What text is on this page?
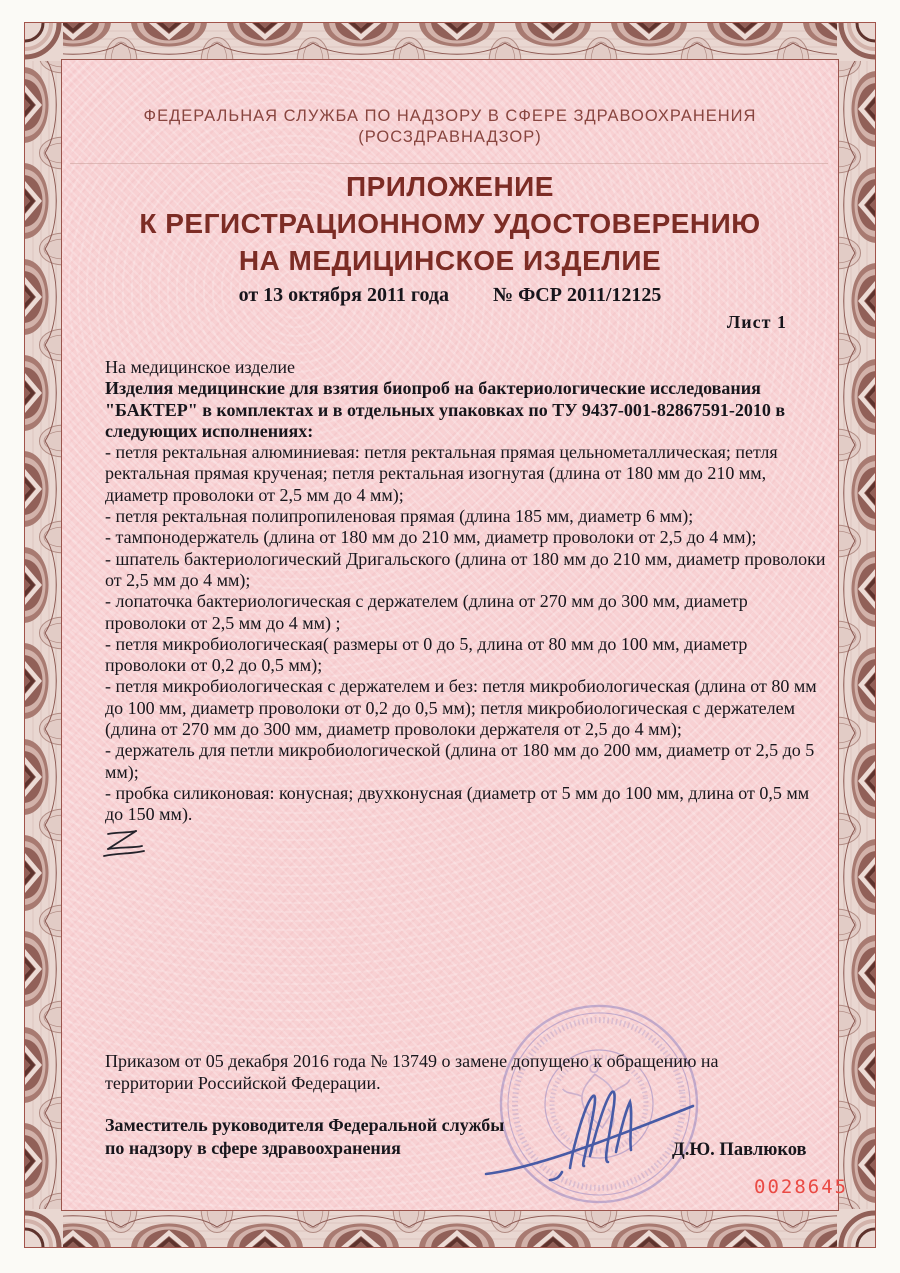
ФЕДЕРАЛЬНАЯ СЛУЖБА ПО НАДЗОРУ В СФЕРЕ ЗДРАВООХРАНЕНИЯ
(РОСЗДРАВНАДЗОР)
ПРИЛОЖЕНИЕ
К РЕГИСТРАЦИОННОМУ УДОСТОВЕРЕНИЮ
НА МЕДИЦИНСКОЕ ИЗДЕЛИЕ
от 13 октября 2011 года № ФСР 2011/12125
Лист 1

На медицинское изделие

Изделия медицинские для взятия биопроб на бактериологические исследования "БАКТЕР" в комплектах и в отдельных упаковках по ТУ 9437-001-82867591-2010 в следующих исполнениях:

- петля ректальная алюминиевая: петля ректальная прямая цельнометаллическая; петля ректальная прямая крученая; петля ректальная изогнутая (длина от 180 мм до 210 мм, диаметр проволоки от 2,5 мм до 4 мм);

- петля ректальная полипропиленовая прямая (длина 185 мм, диаметр 6 мм);

- тампонодержатель (длина от 180 мм до 210 мм, диаметр проволоки от 2,5 до 4 мм);

- шпатель бактериологический Дригальского (длина от 180 мм до 210 мм, диаметр проволоки от 2,5 мм до 4 мм);

- лопаточка бактериологическая с держателем (длина от 270 мм до 300 мм, диаметр проволоки от 2,5 мм до 4 мм) ;

- петля микробиологическая( размеры от 0 до 5, длина от 80 мм до 100 мм, диаметр проволоки от 0,2 до 0,5 мм);

- петля микробиологическая с держателем и без: петля микробиологическая (длина от 80 мм до 100 мм, диаметр проволоки от 0,2 до 0,5 мм); петля микробиологическая с держателем (длина от 270 мм до 300 мм, диаметр проволоки держателя от 2,5 до 4 мм);

- держатель для петли микробиологической (длина от 180 мм до 200 мм, диаметр от 2,5 до 5 мм);

- пробка силиконовая: конусная; двухконусная (диаметр от 5 мм до 100 мм, длина от 0,5 мм до 150 мм).

Приказом от 05 декабря 2016 года № 13749 о замене допущено к обращению на территории Российской Федерации.
Заместитель руководителя Федеральной службы
по надзору в сфере здравоохранения	Д.Ю. Павлюков
0028645
